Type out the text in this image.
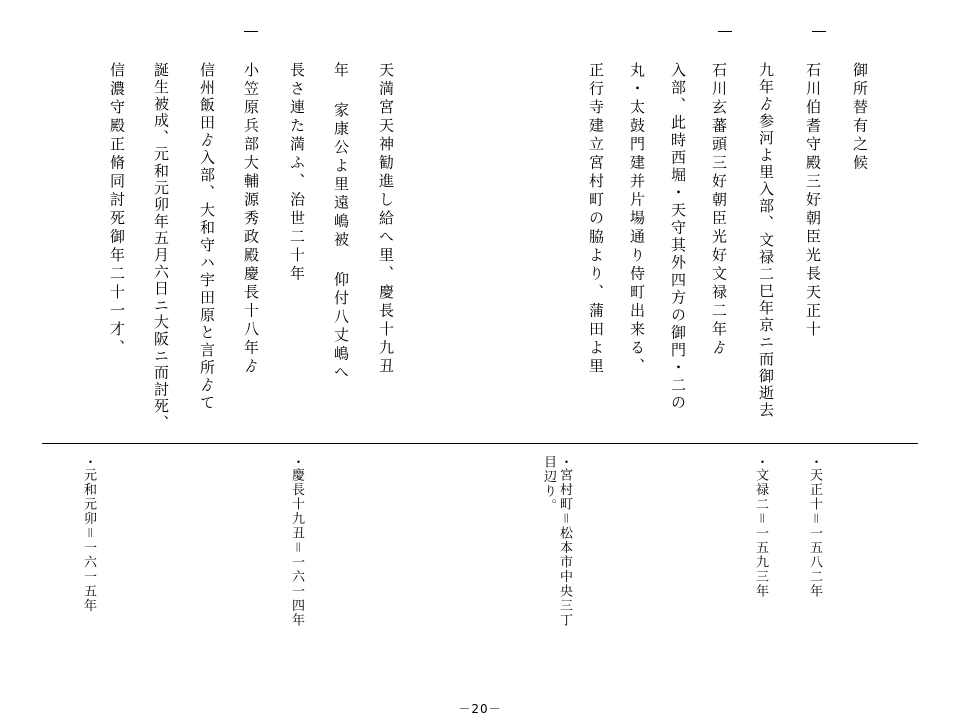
御所替有之候
石川伯耆守殿三好朝臣光長天正十
九年ゟ参河よ里入部、文禄二巳年京ニ而御逝去
石川玄蕃頭三好朝臣光好文禄二年ゟ
入部、此時西堀・天守其外四方の御門・二の
丸・太鼓門建并片場通り侍町出来る、
正行寺建立宮村町の脇より、蒲田よ里
天満宮天神勧進し給へ里、慶長十九丑
年 家康公よ里遠嶋被 仰付八丈嶋へ
長さ連た満ふ、治世二十年
小笠原兵部大輔源秀政殿慶長十八年ゟ
信州飯田ゟ入部、大和守ハ宇田原と言所ゟて
誕生被成、元和元卯年五月六日ニ大阪ニ而討死、
信濃守殿正脩同討死御年二十一才、
・天正十＝一五八二年
・文禄二＝一五九三年
・宮村町＝松本市中央三丁
目辺り。
・慶長十九丑＝一六一四年
・元和元卯＝一六一五年
－20－
